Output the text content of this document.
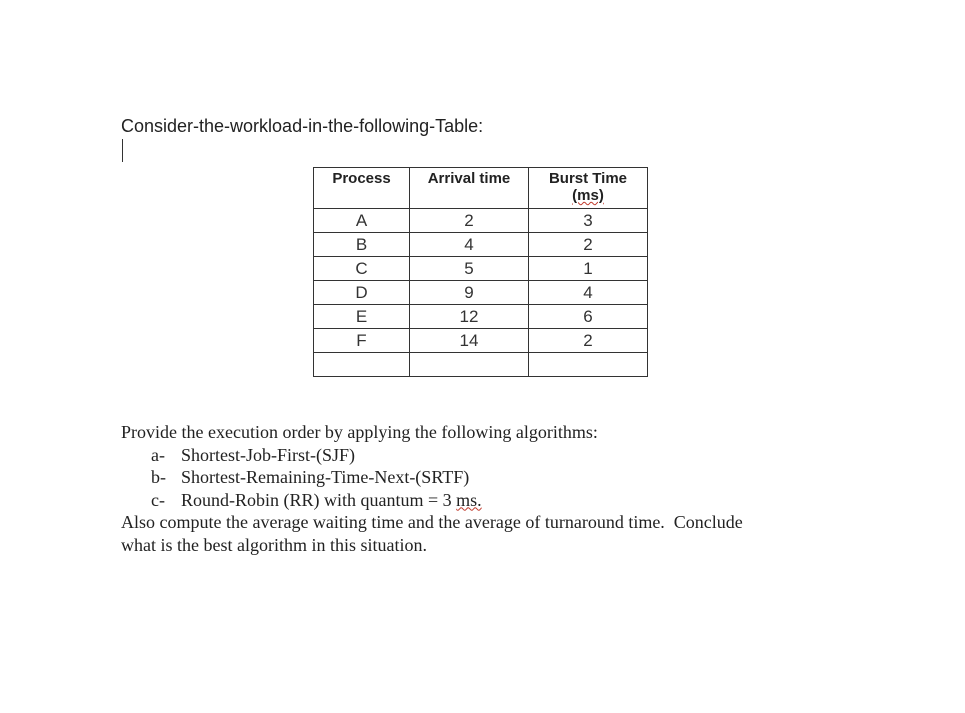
Consider-the-workload-in-the-following-Table:
Process	Arrival time	Burst Time
(ms)
A	2	3
B	4	2
C	5	1
D	9	4
E	12	6
F	14	2

Provide the execution order by applying the following algorithms:

a- Shortest-Job-First-(SJF)
b- Shortest-Remaining-Time-Next-(SRTF)
c- Round-Robin (RR) with quantum = 3 ms.

Also compute the average waiting time and the average of turnaround time.  Conclude

what is the best algorithm in this situation.
